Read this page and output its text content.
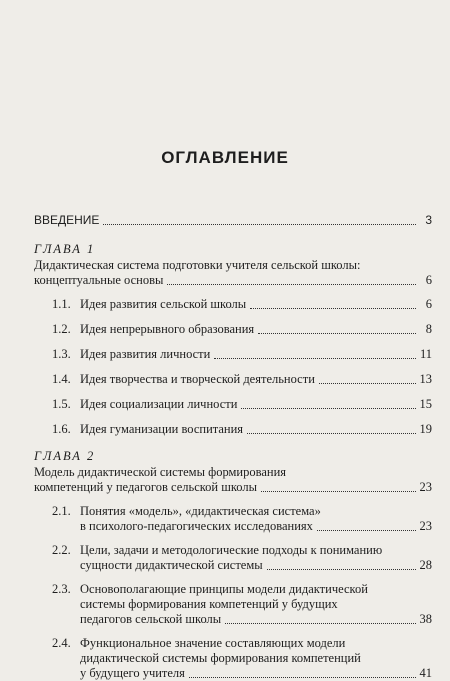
ОГЛАВЛЕНИЕ
ВВЕДЕНИЕ	3
ГЛАВА 1
Дидактическая система подготовки учителя сельской школы:
концептуальные основы	6
1.1. Идея развития сельской школы	6
1.2. Идея непрерывного образования	8
1.3. Идея развития личности	11
1.4. Идея творчества и творческой деятельности	13
1.5. Идея социализации личности	15
1.6. Идея гуманизации воспитания	19
ГЛАВА 2
Модель дидактической системы формирования
компетенций у педагогов сельской школы	23
2.1. Понятия «модель», «дидактическая система»
в психолого-педагогических исследованиях	23
2.2. Цели, задачи и методологические подходы к пониманию
сущности дидактической системы	28
2.3. Основополагающие принципы модели дидактической
системы формирования компетенций у будущих
педагогов сельской школы	38
2.4. Функциональное значение составляющих модели
дидактической системы формирования компетенций
у будущего учителя	41
